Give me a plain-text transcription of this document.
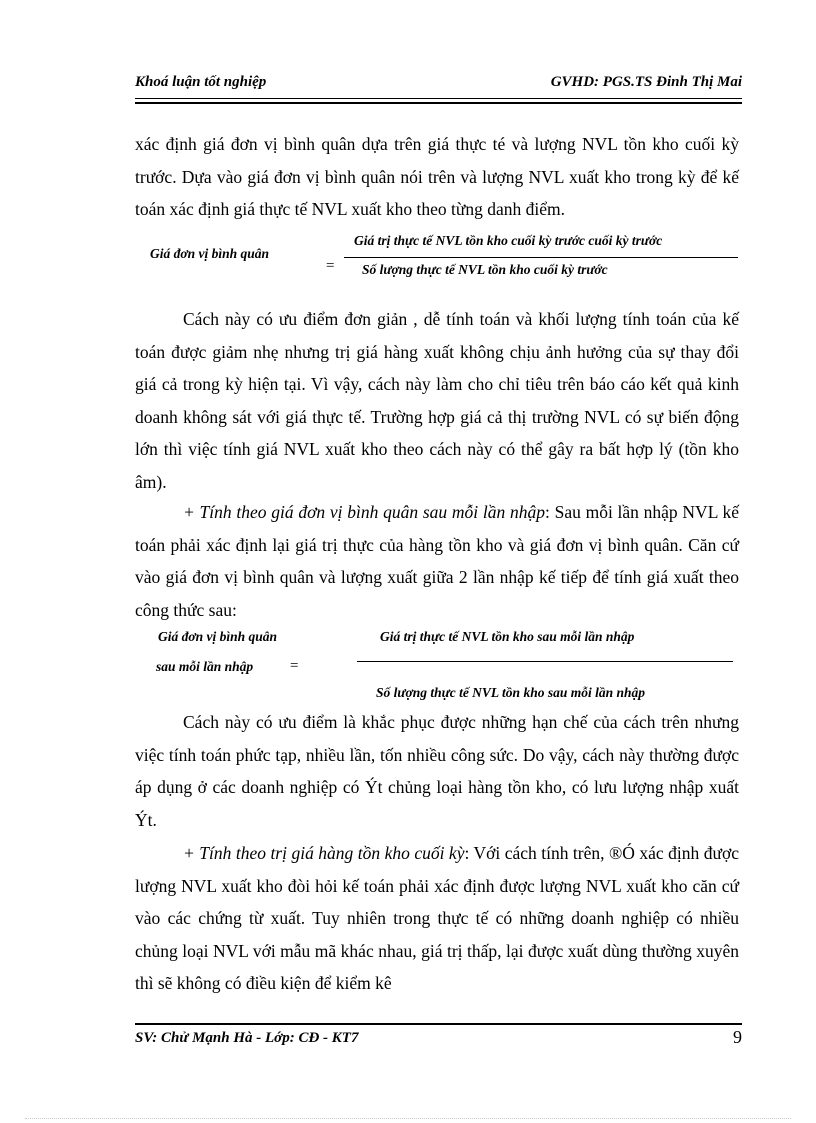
Khoá luận tốt nghiệp	GVHD: PGS.TS Đinh Thị Mai
xác định giá đơn vị bình quân dựa trên giá thực té và lượng NVL tồn kho cuối kỳ trước. Dựa vào giá đơn vị bình quân nói trên và lượng NVL xuất kho trong kỳ để kế toán xác định giá thực tế NVL xuất kho theo từng danh điểm.
Giá đơn vị bình quân
=
Giá trị thực tế NVL tồn kho cuối kỳ trước cuối kỳ trước
Số lượng thực tế NVL tồn kho cuối kỳ trước
Cách này có ưu điểm đơn giản , dễ tính toán và khối lượng tính toán của kế toán được giảm nhẹ nhưng trị giá hàng xuất không chịu ảnh hưởng của sự thay đổi giá cả trong kỳ hiện tại. Vì vậy, cách này làm cho chỉ tiêu trên báo cáo kết quả kinh doanh không sát với giá thực tế. Trường hợp giá cả thị trường NVL có sự biến động lớn thì việc tính giá NVL xuất kho theo cách này có thể gây ra bất hợp lý (tồn kho âm).
+ Tính theo giá đơn vị bình quân sau mỗi lần nhập: Sau mỗi lần nhập NVL kế toán phải xác định lại giá trị thực của hàng tồn kho và giá đơn vị bình quân. Căn cứ vào giá đơn vị bình quân và lượng xuất giữa 2 lần nhập kế tiếp để tính giá xuất theo công thức sau:
Giá đơn vị bình quân
sau mỗi lần nhập =
Giá trị thực tế NVL tồn kho sau mỗi lần nhập
Số lượng thực tế NVL tồn kho sau mỗi lần nhập
Cách này có ưu điểm là khắc phục được những hạn chế của cách trên nhưng việc tính toán phức tạp, nhiều lần, tốn nhiều công sức. Do vậy, cách này thường được áp dụng ở các doanh nghiệp có Ýt chủng loại hàng tồn kho, có lưu lượng nhập xuất Ýt.
+ Tính theo trị giá hàng tồn kho cuối kỳ: Với cách tính trên, ®Ó xác định được lượng NVL xuất kho đòi hỏi kế toán phải xác định được lượng NVL xuất kho căn cứ vào các chứng từ xuất. Tuy nhiên trong thực tế có những doanh nghiệp có nhiều chủng loại NVL với mẫu mã khác nhau, giá trị thấp, lại được xuất dùng thường xuyên thì sẽ không có điều kiện để kiểm kê
SV: Chử Mạnh Hà - Lớp: CĐ - KT7	9
